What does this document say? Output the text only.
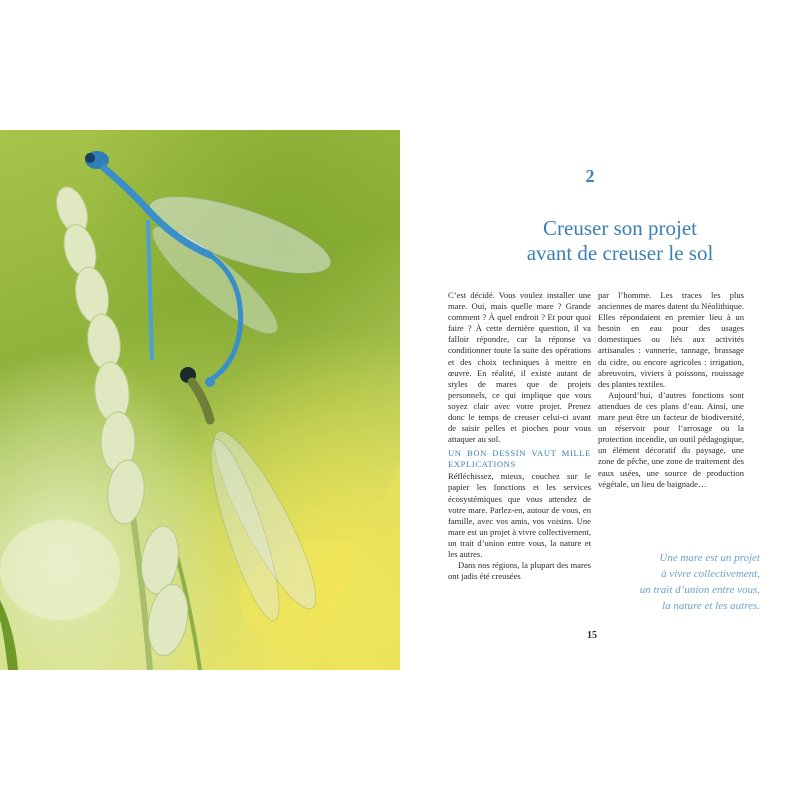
2
Creuser son projet
avant de creuser le sol

C’est décidé. Vous voulez installer une mare. Oui, mais quelle mare ? Grande comment ? À quel endroit ? Et pour quoi faire ? À cette dernière question, il va falloir répondre, car la réponse va conditionner toute la suite des opérations et des choix techniques à mettre en œuvre. En réalité, il existe autant de styles de mares que de projets personnels, ce qui implique que vous soyez clair avec votre projet. Prenez donc le temps de creuser celui-ci avant de saisir pelles et pioches pour vous attaquer au sol.

UN BON DESSIN VAUT MILLE EXPLICATIONS

Réfléchissez, mieux, couchez sur le papier les fonctions et les services écosystémiques que vous attendez de votre mare. Parlez-en, autour de vous, en famille, avec vos amis, vos voisins. Une mare est un projet à vivre collectivement, un trait d’union entre vous, la nature et les autres.

Dans nos régions, la plupart des mares ont jadis été creusées

par l’homme. Les traces les plus anciennes de mares datent du Néolithique. Elles répondaient en premier lieu à un besoin en eau pour des usages domestiques ou liés aux activités artisanales : vannerie, tannage, brassage du cidre, ou encore agricoles : irrigation, abreuvoirs, viviers à poissons, rouissage des plantes textiles.

Aujourd’hui, d’autres fonctions sont attendues de ces plans d’eau. Ainsi, une mare peut être un facteur de biodiversité, un réservoir pour l’arrosage ou la protection incendie, un outil pédagogique, un élément décoratif du paysage, une zone de pêche, une zone de traitement des eaux usées, une source de production végétale, un lieu de baignade…

Une mare est un projet
à vivre collectivement,
un trait d’union entre vous,
la nature et les autres.
15
